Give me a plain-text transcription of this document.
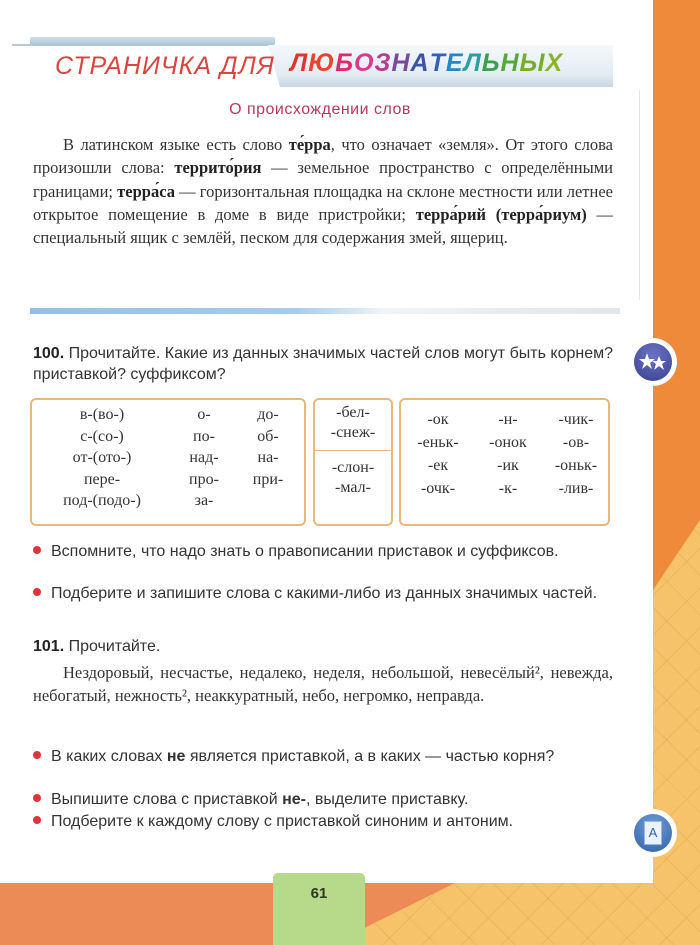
СТРАНИЧКА ДЛЯ ЛЮБОЗНАТЕЛЬНЫХ
О происхождении слов
В латинском языке есть слово те́рра, что означает «земля». От этого слова произошли слова: террито́рия — земельное пространство с определёнными границами; терра́са — горизонтальная площадка на склоне местности или летнее открытое помещение в доме в виде пристройки; терра́рий (терра́риум) — специальный ящик с землёй, песком для содержания змей, ящериц.
100. Прочитайте. Какие из данных значимых частей слов могут быть корнем? приставкой? суффиксом?
в-(во-)	о-	до-
с-(со-)	по-	об-
от-(ото-)	над-	на-
пере-	про-	при-
под-(подо-)	за-
-бел-
-снеж-
-слон-
-мал-
-ок	-н-	-чик-
-еньк-	-онок	-ов-
-ек	-ик	-оньк-
-очк-	-к-	-лив-
Вспомните, что надо знать о правописании приставок и суффиксов.
Подберите и запишите слова с какими-либо из данных значимых частей.
101. Прочитайте.
Нездоровый, несчастье, недалеко, неделя, небольшой, невесёлый², невежда, небогатый, нежность², неаккуратный, небо, негромко, неправда.
В каких словах не является приставкой, а в каких — частью корня?
Выпишите слова с приставкой не-, выделите приставку.
Подберите к каждому слову с приставкой синоним и антоним.
A
61
